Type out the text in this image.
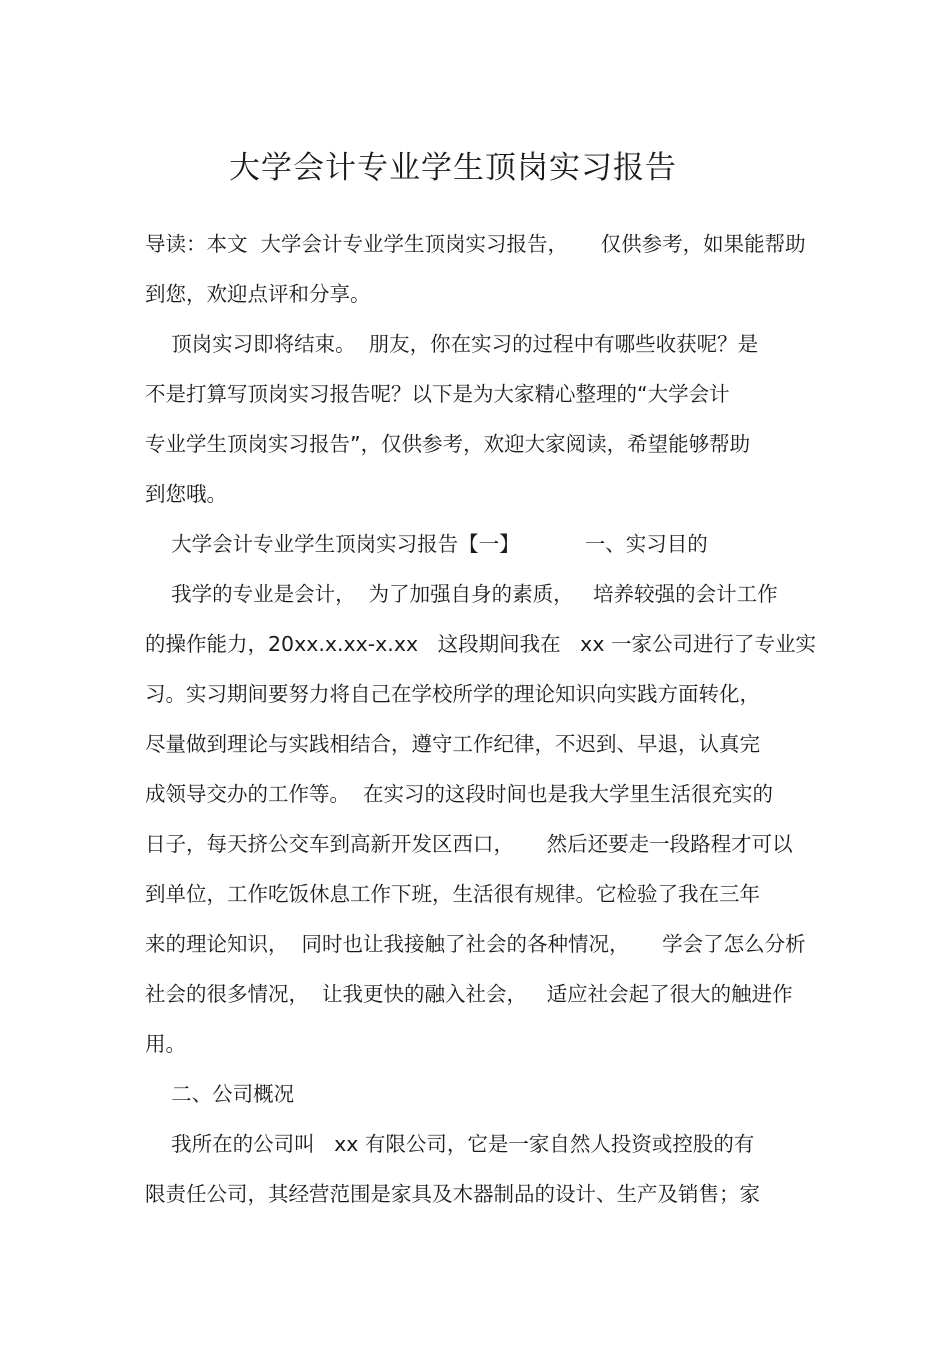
大学会计专业学生顶岗实习报告
导读：本文  大学会计专业学生顶岗实习报告，     仅供参考，如果能帮助
到您，欢迎点评和分享。
顶岗实习即将结束。  朋友，你在实习的过程中有哪些收获呢？是
不是打算写顶岗实习报告呢？以下是为大家精心整理的“大学会计
专业学生顶岗实习报告”，仅供参考，欢迎大家阅读，希望能够帮助
到您哦。
大学会计专业学生顶岗实习报告【一】          一、实习目的
我学的专业是会计，  为了加强自身的素质，   培养较强的会计工作
的操作能力，20xx.x.xx-x.xx   这段期间我在   xx 一家公司进行了专业实
习。实习期间要努力将自己在学校所学的理论知识向实践方面转化，
尽量做到理论与实践相结合，遵守工作纪律，不迟到、早退，认真完
成领导交办的工作等。  在实习的这段时间也是我大学里生活很充实的
日子，每天挤公交车到高新开发区西口，     然后还要走一段路程才可以
到单位，工作吃饭休息工作下班，生活很有规律。它检验了我在三年
来的理论知识，  同时也让我接触了社会的各种情况，     学会了怎么分析
社会的很多情况，  让我更快的融入社会，   适应社会起了很大的触进作
用。
二、公司概况
我所在的公司叫   xx 有限公司，它是一家自然人投资或控股的有
限责任公司，其经营范围是家具及木器制品的设计、生产及销售；家
